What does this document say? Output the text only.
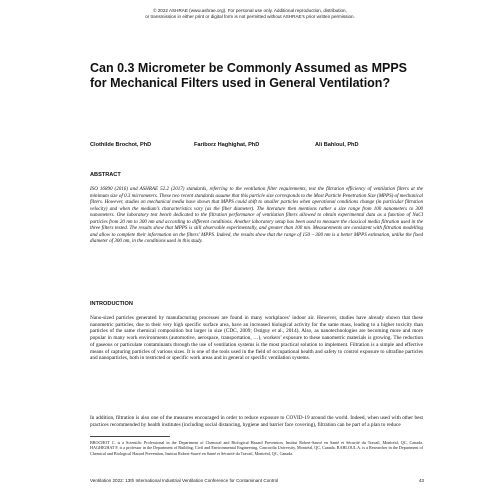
© 2022 ASHRAE (www.ashrae.org). For personal use only. Additional reproduction, distribution,
or transmission in either print or digital form is not permitted without ASHRAE’s prior written permission.
Can 0.3 Micrometer be Commonly Assumed as MPPS for Mechanical Filters used in General Ventilation?
Clothilde Brochot, PhD	Fariborz Haghighat, PhD	Ali Bahloul, PhD
ABSTRACT
ISO 16890 (2016) and ASHRAE 52.2 (2017) standards, referring to the ventilation filter requirements, test the filtration efficiency of ventilation filters at the minimum size of 0.3 micrometers. These two recent standards assume that this particle size corresponds to the Most Particle Penetration Size (MPPS) of mechanical filters. However, studies on mechanical media have shown that MPPS could shift to smaller particles when operational conditions change (in particular filtration velocity) and when the medium’s characteristics vary (as the fiber diameter). The literature then mentions rather a size range from 100 nanometers to 300 nanometers. One laboratory test bench dedicated to the filtration performance of ventilation filters allowed to obtain experimental data as a function of NaCl particles from 20 nm to 300 nm and according to different conditions. Another laboratory setup has been used to measure the classical media filtration used in the three filters tested. The results show that MPPS is still observable experimentally, and greater than 100 nm. Measurements are consistent with filtration modelling and allow to complete their information on the filters’ MPPS. Indeed, the results show that the range of 150 – 300 nm is a better MPPS estimation, unlike the fixed diameter of 300 nm, in the conditions used in this study.
INTRODUCTION
Nano-sized particles generated by manufacturing processes are found in many workplaces’ indoor air. However, studies have already shown that these nanometric particles, due to their very high specific surface area, have an increased biological activity for the same mass, leading to a higher toxicity than particles of the same chemical composition but larger in size (CDC, 2009; Ostiguy et al., 2014). Also, as nanotechnologies are becoming more and more popular in many work environments (automotive, aerospace, transportation, …), workers’ exposure to these nanometric materials is growing. The reduction of gaseous or particulate contaminants through the use of ventilation systems is the most practical solution to implement. Filtration is a simple and effective means of capturing particles of various sizes. It is one of the tools used in the field of occupational health and safety to control exposure to ultrafine particles and nanoparticles, both in restricted or specific work areas and in general or specific ventilation systems.
In addition, filtration is also one of the measures encouraged in order to reduce exposure to COVID-19 around the world. Indeed, when used with other best practices recommended by health institutes (including social distancing, hygiene and barrier face covering), filtration can be part of a plan to reduce
BROCHOT C. is a Scientific Professional in the Department of Chemical and Biological Hazard Prevention, Institut Robert-Sauvé en Santé et Sécurité du Travail, Montréal, QC, Canada. HAGHIGHAT F. is a professor in the Department of Building, Civil and Environmental Engineering, Concordia University, Montréal, QC, Canada. BAHLOUL A. is a Researcher in the Department of Chemical and Biological Hazard Prevention, Institut Robert-Sauvé en Santé et Sécurité du Travail, Montréal, QC, Canada.
Ventilation 2022: 13th International Industrial Ventilation Conference for Contaminant Control	43
